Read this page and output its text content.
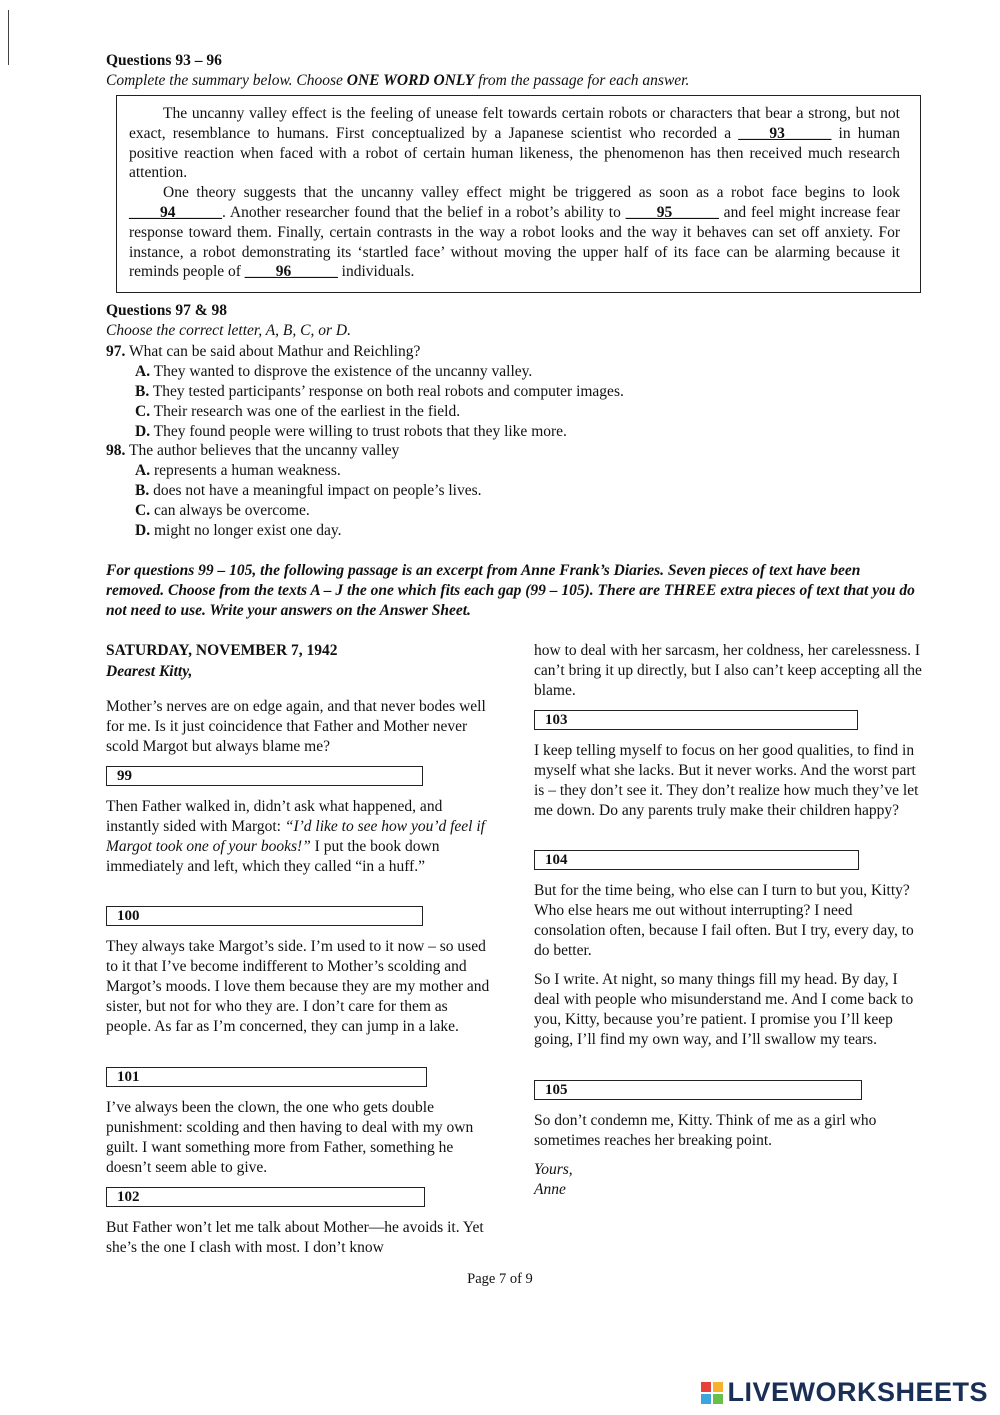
Questions 93 – 96
Complete the summary below. Choose ONE WORD ONLY from the passage for each answer.

The uncanny valley effect is the feeling of unease felt towards certain robots or characters that bear a strong, but not exact, resemblance to humans. First conceptualized by a Japanese scientist who recorded a ____93______ in human positive reaction when faced with a robot of certain human likeness, the phenomenon has then received much research attention.

One theory suggests that the uncanny valley effect might be triggered as soon as a robot face begins to look ____94______. Another researcher found that the belief in a robot’s ability to ____95______ and feel might increase fear response toward them. Finally, certain contrasts in the way a robot looks and the way it behaves can set off anxiety. For instance, a robot demonstrating its ‘startled face’ without moving the upper half of its face can be alarming because it reminds people of ____96______ individuals.

Questions 97 & 98
Choose the correct letter, A, B, C, or D.
97. What can be said about Mathur and Reichling?
A. They wanted to disprove the existence of the uncanny valley.
B. They tested participants’ response on both real robots and computer images.
C. Their research was one of the earliest in the field.
D. They found people were willing to trust robots that they like more.
98. The author believes that the uncanny valley
A. represents a human weakness.
B. does not have a meaningful impact on people’s lives.
C. can always be overcome.
D. might no longer exist one day.
For questions 99 – 105, the following passage is an excerpt from Anne Frank’s Diaries. Seven pieces of text have been removed. Choose from the texts A – J the one which fits each gap (99 – 105). There are THREE extra pieces of text that you do not need to use. Write your answers on the Answer Sheet.
SATURDAY, NOVEMBER 7, 1942
Dearest Kitty,
Mother’s nerves are on edge again, and that never bodes well for me. Is it just coincidence that Father and Mother never scold Margot but always blame me?
99
Then Father walked in, didn’t ask what happened, and instantly sided with Margot: “I’d like to see how you’d feel if Margot took one of your books!” I put the book down immediately and left, which they called “in a huff.”
100
They always take Margot’s side. I’m used to it now – so used to it that I’ve become indifferent to Mother’s scolding and Margot’s moods. I love them because they are my mother and sister, but not for who they are. I don’t care for them as people. As far as I’m concerned, they can jump in a lake.
101
I’ve always been the clown, the one who gets double punishment: scolding and then having to deal with my own guilt. I want something more from Father, something he doesn’t seem able to give.
102
But Father won’t let me talk about Mother—he avoids it. Yet she’s the one I clash with most. I don’t know
how to deal with her sarcasm, her coldness, her carelessness. I can’t bring it up directly, but I also can’t keep accepting all the blame.
103
I keep telling myself to focus on her good qualities, to find in myself what she lacks. But it never works. And the worst part is – they don’t see it. They don’t realize how much they’ve let me down. Do any parents truly make their children happy?
104
But for the time being, who else can I turn to but you, Kitty? Who else hears me out without interrupting? I need consolation often, because I fail often. But I try, every day, to do better.
So I write. At night, so many things fill my head. By day, I deal with people who misunderstand me. And I come back to you, Kitty, because you’re patient. I promise you I’ll keep going, I’ll find my own way, and I’ll swallow my tears.
105
So don’t condemn me, Kitty. Think of me as a girl who sometimes reaches her breaking point.
Yours,
Anne
Page 7 of 9
LIVEWORKSHEETS
